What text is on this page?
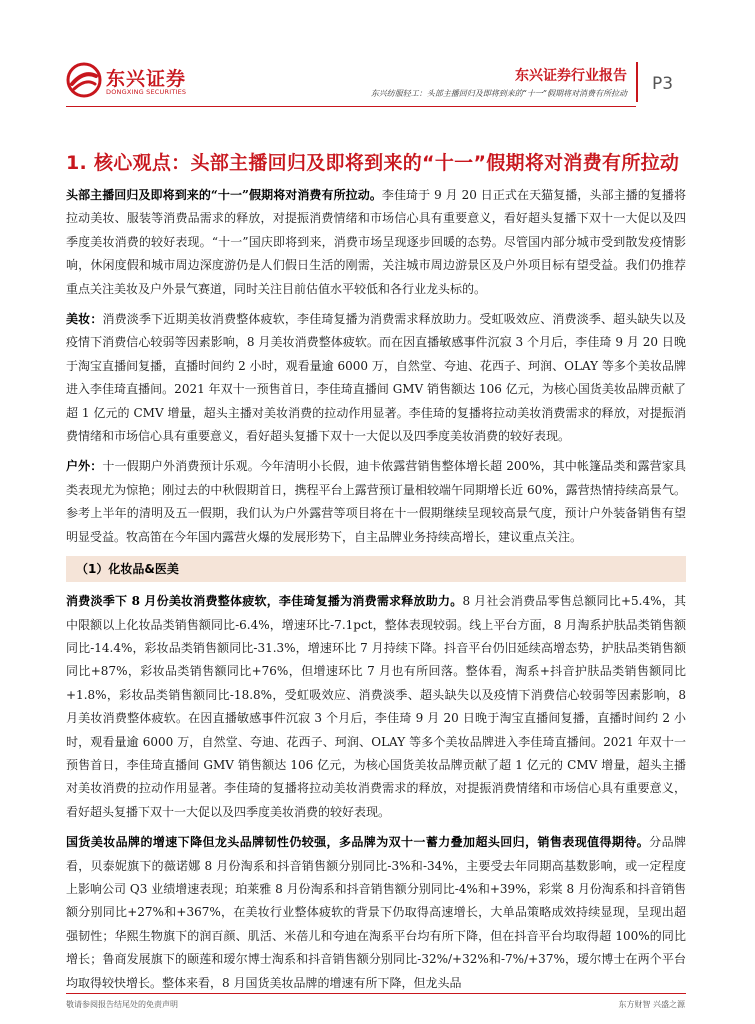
东兴证券
DONGXING SECURITIES
东兴证券行业报告
东兴纺服轻工：头部主播回归及即将到来的“十一”假期将对消费有所拉动 P3
1. 核心观点：头部主播回归及即将到来的“十一”假期将对消费有所拉动

头部主播回归及即将到来的“十一”假期将对消费有所拉动。李佳琦于 9 月 20 日正式在天猫复播，头部主播的复播将拉动美妆、服装等消费品需求的释放，对提振消费情绪和市场信心具有重要意义，看好超头复播下双十一大促以及四季度美妆消费的较好表现。“十一”国庆即将到来，消费市场呈现逐步回暖的态势。尽管国内部分城市受到散发疫情影响，休闲度假和城市周边深度游仍是人们假日生活的刚需，关注城市周边游景区及户外项目标有望受益。我们仍推荐重点关注美妆及户外景气赛道，同时关注目前估值水平较低和各行业龙头标的。

美妆：消费淡季下近期美妆消费整体疲软，李佳琦复播为消费需求释放助力。受虹吸效应、消费淡季、超头缺失以及疫情下消费信心较弱等因素影响，8 月美妆消费整体疲软。而在因直播敏感事件沉寂 3 个月后，李佳琦 9 月 20 日晚于淘宝直播间复播，直播时间约 2 小时，观看量逾 6000 万，自然堂、夸迪、花西子、珂润、OLAY 等多个美妆品牌进入李佳琦直播间。2021 年双十一预售首日，李佳琦直播间 GMV 销售额达 106 亿元，为核心国货美妆品牌贡献了超 1 亿元的 CMV 增量，超头主播对美妆消费的拉动作用显著。李佳琦的复播将拉动美妆消费需求的释放，对提振消费情绪和市场信心具有重要意义，看好超头复播下双十一大促以及四季度美妆消费的较好表现。

户外：十一假期户外消费预计乐观。今年清明小长假，迪卡侬露营销售整体增长超 200%，其中帐篷品类和露营家具类表现尤为惊艳；刚过去的中秋假期首日，携程平台上露营预订量相较端午同期增长近 60%，露营热情持续高景气。参考上半年的清明及五一假期，我们认为户外露营等项目将在十一假期继续呈现较高景气度，预计户外装备销售有望明显受益。牧高笛在今年国内露营火爆的发展形势下，自主品牌业务持续高增长，建议重点关注。

（1）化妆品&医美

消费淡季下 8 月份美妆消费整体疲软，李佳琦复播为消费需求释放助力。8 月社会消费品零售总额同比+5.4%，其中限额以上化妆品类销售额同比-6.4%，增速环比-7.1pct，整体表现较弱。线上平台方面，8 月淘系护肤品类销售额同比-14.4%，彩妆品类销售额同比-31.3%，增速环比 7 月持续下降。抖音平台仍旧延续高增态势，护肤品类销售额同比+87%，彩妆品类销售额同比+76%，但增速环比 7 月也有所回落。整体看，淘系+抖音护肤品类销售额同比+1.8%，彩妆品类销售额同比-18.8%，受虹吸效应、消费淡季、超头缺失以及疫情下消费信心较弱等因素影响，8 月美妆消费整体疲软。在因直播敏感事件沉寂 3 个月后，李佳琦 9 月 20 日晚于淘宝直播间复播，直播时间约 2 小时，观看量逾 6000 万，自然堂、夸迪、花西子、珂润、OLAY 等多个美妆品牌进入李佳琦直播间。2021 年双十一预售首日，李佳琦直播间 GMV 销售额达 106 亿元，为核心国货美妆品牌贡献了超 1 亿元的 CMV 增量，超头主播对美妆消费的拉动作用显著。李佳琦的复播将拉动美妆消费需求的释放，对提振消费情绪和市场信心具有重要意义，看好超头复播下双十一大促以及四季度美妆消费的较好表现。

国货美妆品牌的增速下降但龙头品牌韧性仍较强，多品牌为双十一蓄力叠加超头回归，销售表现值得期待。分品牌看，贝泰妮旗下的薇诺娜 8 月份淘系和抖音销售额分别同比-3%和-34%，主要受去年同期高基数影响，或一定程度上影响公司 Q3 业绩增速表现；珀莱雅 8 月份淘系和抖音销售额分别同比-4%和+39%，彩棠 8 月份淘系和抖音销售额分别同比+27%和+367%，在美妆行业整体疲软的背景下仍取得高速增长，大单品策略成效持续显现，呈现出超强韧性；华熙生物旗下的润百颜、肌活、米蓓儿和夸迪在淘系平台均有所下降，但在抖音平台均取得超 100%的同比增长；鲁商发展旗下的颐莲和瑷尔博士淘系和抖音销售额分别同比-32%/+32%和-7%/+37%，瑷尔博士在两个平台均取得较快增长。整体来看，8 月国货美妆品牌的增速有所下降，但龙头品

敬请参阅报告结尾处的免责声明	东方财智 兴盛之源
